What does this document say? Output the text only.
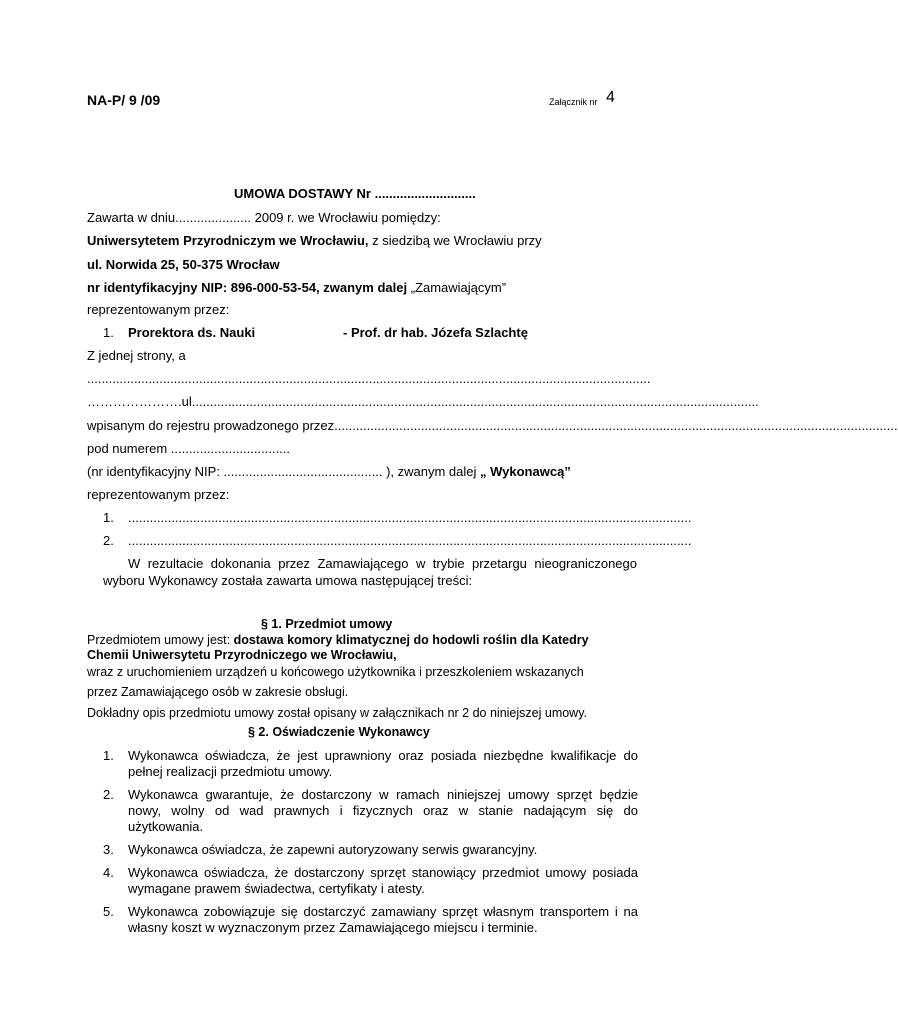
NA-P/ 9 /09	Załącznik nr 4
UMOWA DOSTAWY Nr ............................
Zawarta w dniu..................... 2009 r. we Wrocławiu pomiędzy:
Uniwersytetem Przyrodniczym we Wrocławiu, z siedzibą we Wrocławiu przy
ul. Norwida 25, 50-375 Wrocław
nr identyfikacyjny NIP: 896-000-53-54, zwanym dalej „Zamawiającym”
reprezentowanym przez:
1. Prorektora ds. Nauki	- Prof. dr hab. Józefa Szlachtę
Z jednej strony, a
............................................................................................................................................................
………………….ul. ............................................................................................................................................................
wpisanym do rejestru prowadzonego przez ............................................................................................................................................................
pod numerem .................................
(nr identyfikacyjny NIP: ............................................ ), zwanym dalej „ Wykonawcą”
reprezentowanym przez:
1. ............................................................................................................................................................
2. ............................................................................................................................................................
W rezultacie dokonania przez Zamawiającego w trybie przetargu nieograniczonego
wyboru Wykonawcy została zawarta umowa następującej treści:
§ 1. Przedmiot umowy
Przedmiotem umowy jest: dostawa komory klimatycznej do hodowli roślin dla Katedry
Chemii Uniwersytetu Przyrodniczego we Wrocławiu,
wraz z uruchomieniem urządzeń u końcowego użytkownika i przeszkoleniem wskazanych
przez Zamawiającego osób w zakresie obsługi.
Dokładny opis przedmiotu umowy został opisany w załącznikach nr 2 do niniejszej umowy.
§ 2. Oświadczenie Wykonawcy
1. Wykonawca oświadcza, że jest uprawniony oraz posiada niezbędne kwalifikacje do
pełnej realizacji przedmiotu umowy.
2. Wykonawca gwarantuje, że dostarczony w ramach niniejszej umowy sprzęt będzie
nowy, wolny od wad prawnych i fizycznych oraz w stanie nadającym się do
użytkowania.
3. Wykonawca oświadcza, że zapewni autoryzowany serwis gwarancyjny.
4. Wykonawca oświadcza, że dostarczony sprzęt stanowiący przedmiot umowy posiada
wymagane prawem świadectwa, certyfikaty i atesty.
5. Wykonawca zobowiązuje się dostarczyć zamawiany sprzęt własnym transportem i na
własny koszt w wyznaczonym przez Zamawiającego miejscu i terminie.
